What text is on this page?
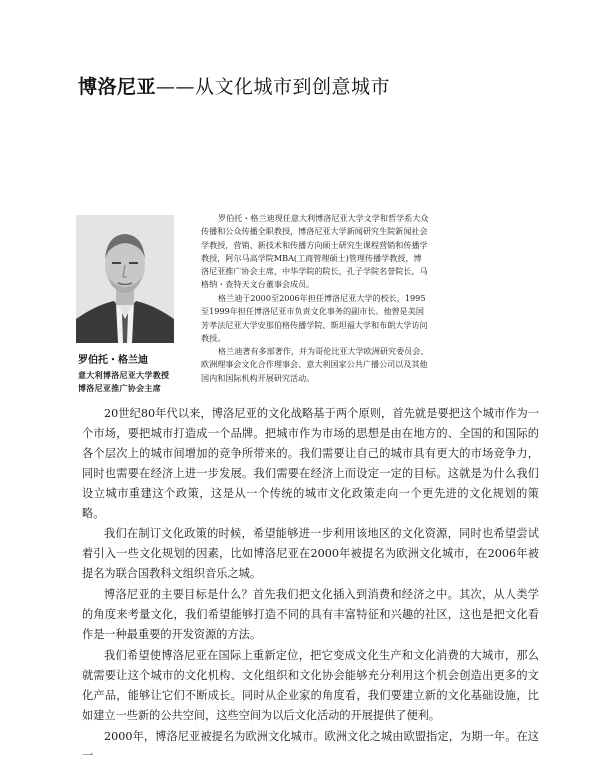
博洛尼亚——从文化城市到创意城市
罗伯托・格兰迪
意大利博洛尼亚大学教授
博洛尼亚推广协会主席
罗伯托・格兰迪现任意大利博洛尼亚大学文学和哲学系大众传播和公众传播全职教授，博洛尼亚大学新闻研究生院新闻社会学教授，营销、新技术和传播方向硕士研究生课程营销和传播学教授，阿尔马高学院MBA(工商管理硕士)管理传播学教授，博洛尼亚推广协会主席，中华学院的院长，孔子学院名誉院长，马格纳・查特天文台董事会成员。
格兰迪于2000至2006年担任博洛尼亚大学的校长，1995至1999年担任博洛尼亚市负责文化事务的副市长。他曾是美国芳孝法尼亚大学安那伯格传播学院、斯坦福大学和布朗大学访问教授。
格兰迪著有多部著作，并为哥伦比亚大学欧洲研究委员会、欧洲理事会文化合作理事会、意大利国家公共广播公司以及其他国内和国际机构开展研究活动。

20世纪80年代以来，博洛尼亚的文化战略基于两个原则，首先就是要把这个城市作为一个市场，要把城市打造成一个品牌。把城市作为市场的思想是由在地方的、全国的和国际的各个层次上的城市间增加的竞争所带来的。我们需要让自己的城市具有更大的市场竞争力，同时也需要在经济上进一步发展。我们需要在经济上而设定一定的目标。这就是为什么我们设立城市重建这个政策，这是从一个传统的城市文化政策走向一个更先进的文化规划的策略。

我们在制订文化政策的时候，希望能够进一步利用该地区的文化资源，同时也希望尝试着引入一些文化规划的因素，比如博洛尼亚在2000年被提名为欧洲文化城市，在2006年被提名为联合国教科文组织音乐之城。

博洛尼亚的主要目标是什么？首先我们把文化插入到消费和经济之中。其次，从人类学的角度来考量文化，我们希望能够打造不同的具有丰富特征和兴趣的社区，这也是把文化看作是一种最重要的开发资源的方法。

我们希望使博洛尼亚在国际上重新定位，把它变成文化生产和文化消费的大城市，那么就需要让这个城市的文化机构、文化组织和文化协会能够充分利用这个机会创造出更多的文化产品，能够让它们不断成长。同时从企业家的角度看，我们要建立新的文化基础设施，比如建立一些新的公共空间，这些空间为以后文化活动的开展提供了便利。

2000年，博洛尼亚被提名为欧洲文化城市。欧洲文化之城由欧盟指定，为期一年。在这一
